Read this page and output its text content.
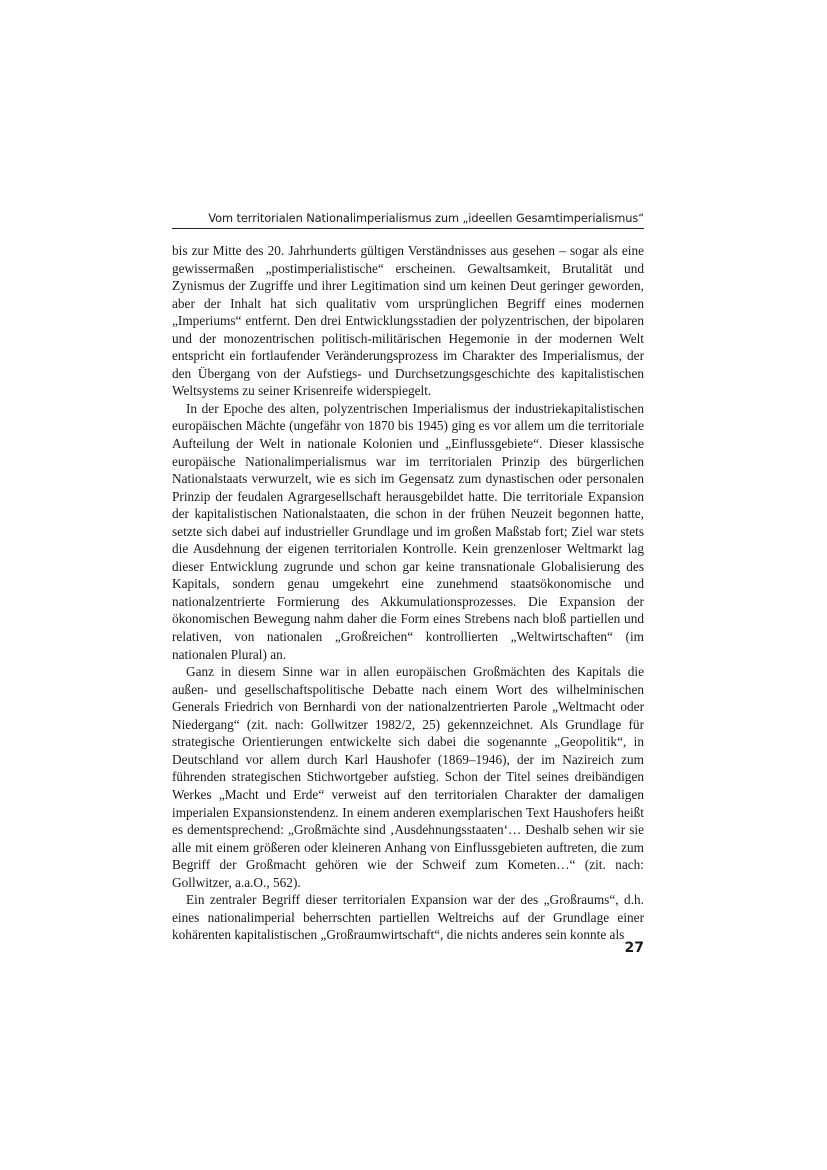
Vom territorialen Nationalimperialismus zum „ideellen Gesamtimperialismus“

bis zur Mitte des 20. Jahrhunderts gültigen Verständnisses aus gesehen – sogar als eine gewissermaßen „postimperialistische“ erscheinen. Gewaltsamkeit, Brutalität und Zynismus der Zugriffe und ihrer Legitimation sind um keinen Deut geringer geworden, aber der Inhalt hat sich qualitativ vom ursprünglichen Begriff eines modernen „Imperiums“ entfernt. Den drei Entwicklungsstadien der polyzentrischen, der bipolaren und der monozentrischen politisch-militärischen Hegemonie in der modernen Welt entspricht ein fortlaufender Veränderungsprozess im Charakter des Imperialismus, der den Übergang von der Aufstiegs- und Durchsetzungsgeschichte des kapitalistischen Weltsystems zu seiner Krisenreife widerspiegelt.

In der Epoche des alten, polyzentrischen Imperialismus der industriekapitalistischen europäischen Mächte (ungefähr von 1870 bis 1945) ging es vor allem um die territoriale Aufteilung der Welt in nationale Kolonien und „Einflussgebiete“. Dieser klassische europäische Nationalimperialismus war im territorialen Prinzip des bürgerlichen Nationalstaats verwurzelt, wie es sich im Gegensatz zum dynastischen oder personalen Prinzip der feudalen Agrargesellschaft herausgebildet hatte. Die territoriale Expansion der kapitalistischen Nationalstaaten, die schon in der frühen Neuzeit begonnen hatte, setzte sich dabei auf industrieller Grundlage und im großen Maßstab fort; Ziel war stets die Ausdehnung der eigenen territorialen Kontrolle. Kein grenzenloser Weltmarkt lag dieser Entwicklung zugrunde und schon gar keine transnationale Globalisierung des Kapitals, sondern genau umgekehrt eine zunehmend staatsökonomische und nationalzentrierte Formierung des Akkumulationsprozesses. Die Expansion der ökonomischen Bewegung nahm daher die Form eines Strebens nach bloß partiellen und relativen, von nationalen „Großreichen“ kontrollierten „Weltwirtschaften“ (im nationalen Plural) an.

Ganz in diesem Sinne war in allen europäischen Großmächten des Kapitals die außen- und gesellschaftspolitische Debatte nach einem Wort des wilhelminischen Generals Friedrich von Bernhardi von der nationalzentrierten Parole „Weltmacht oder Niedergang“ (zit. nach: Gollwitzer 1982/2, 25) gekennzeichnet. Als Grundlage für strategische Orientierungen entwickelte sich dabei die sogenannte „Geopolitik“, in Deutschland vor allem durch Karl Haushofer (1869–1946), der im Nazireich zum führenden strategischen Stichwortgeber aufstieg. Schon der Titel seines dreibändigen Werkes „Macht und Erde“ verweist auf den territorialen Charakter der damaligen imperialen Expansionstendenz. In einem anderen exemplarischen Text Haushofers heißt es dementsprechend: „Großmächte sind ‚Ausdehnungsstaaten‘… Deshalb sehen wir sie alle mit einem größeren oder kleineren Anhang von Einflussgebieten auftreten, die zum Begriff der Großmacht gehören wie der Schweif zum Kometen…“ (zit. nach: Gollwitzer, a.a.O., 562).

Ein zentraler Begriff dieser territorialen Expansion war der des „Großraums“, d.h. eines nationalimperial beherrschten partiellen Weltreichs auf der Grundlage einer kohärenten kapitalistischen „Großraumwirtschaft“, die nichts anderes sein konnte als

27
